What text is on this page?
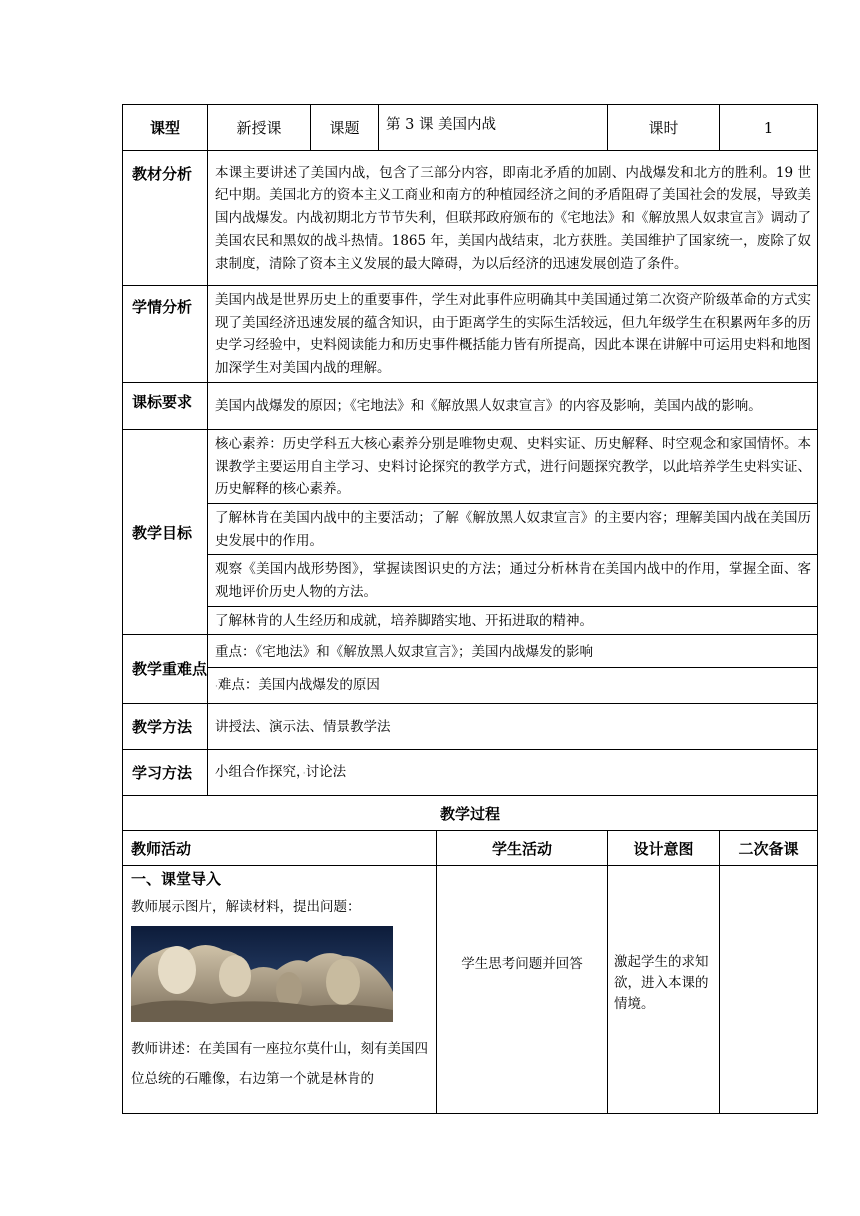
课型	新授课	课题	第 3 课 美国内战		课时	1
教材分析	本课主要讲述了美国内战，包含了三部分内容，即南北矛盾的加剧、内战爆发和北方的胜利。19 世纪中期。美国北方的资本主义工商业和南方的种植园经济之间的矛盾阻碍了美国社会的发展，导致美国内战爆发。内战初期北方节节失利，但联邦政府颁布的《宅地法》和《解放黑人奴隶宣言》调动了美国农民和黑奴的战斗热情。1865 年，美国内战结束，北方获胜。美国维护了国家统一，废除了奴隶制度，清除了资本主义发展的最大障碍，为以后经济的迅速发展创造了条件。					
学情分析	美国内战是世界历史上的重要事件，学生对此事件应明确其中美国通过第二次资产阶级革命的方式实现了美国经济迅速发展的蕴含知识，由于距离学生的实际生活较远，但九年级学生在积累两年多的历史学习经验中，史料阅读能力和历史事件概括能力皆有所提高，因此本课在讲解中可运用史料和地图加深学生对美国内战的理解。					
课标要求	美国内战爆发的原因；《宅地法》和《解放黑人奴隶宣言》的内容及影响，美国内战的影响。					
教学目标	核心素养：历史学科五大核心素养分别是唯物史观、史料实证、历史解释、时空观念和家国情怀。本课教学主要运用自主学习、史料讨论探究的教学方式，进行问题探究教学，以此培养学生史料实证、历史解释的核心素养。					
	了解林肯在美国内战中的主要活动；了解《解放黑人奴隶宣言》的主要内容；理解美国内战在美国历史发展中的作用。					
	观察《美国内战形势图》，掌握读图识史的方法；通过分析林肯在美国内战中的作用，掌握全面、客观地评价历史人物的方法。					
	了解林肯的人生经历和成就，培养脚踏实地、开拓进取的精神。					
教学重难点	重点：《宅地法》和《解放黑人奴隶宣言》；美国内战爆发的影响					
	·难点：美国内战爆发的原因					
教学方法	讲授法、演示法、情景教学法					
学习方法	小组合作探究，·讨论法					
教学过程						
教师活动				学生活动	设计意图	二次备课

一、课堂导入
教师展示图片，解读材料，提出问题：
教师讲述：在美国有一座拉尔莫什山，刻有美国四位总统的石雕像，右边第一个就是林肯的				学生思考问题并回答	激起学生的求知欲，进入本课的情境。	
